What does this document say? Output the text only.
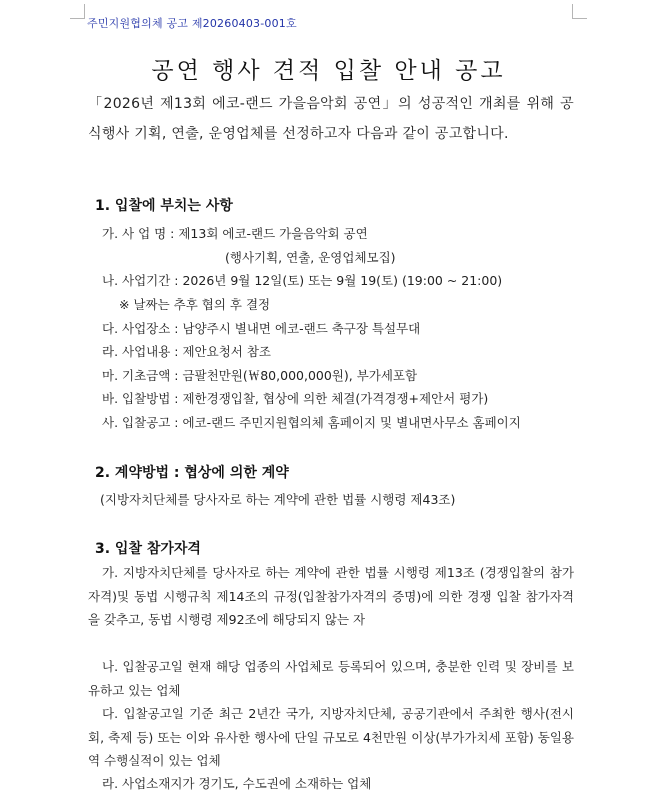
주민지원협의체 공고 제20260403-001호
공연 행사 견적 입찰 안내 공고
「2026년 제13회 에코-랜드 가을음악회 공연」의 성공적인 개최를 위해 공식행사 기획, 연출, 운영업체를 선정하고자 다음과 같이 공고합니다.
1. 입찰에 부치는 사항
가. 사 업 명 : 제13회 에코-랜드 가을음악회 공연
(행사기획, 연출, 운영업체모집)
나. 사업기간 : 2026년 9월 12일(토) 또는 9월 19(토) (19:00 ~ 21:00)
※ 날짜는 추후 협의 후 결정
다. 사업장소 : 남양주시 별내면 에코-랜드 축구장 특설무대
라. 사업내용 : 제안요청서 참조
마. 기초금액 : 금팔천만원(￦80,000,000원), 부가세포함
바. 입찰방법 : 제한경쟁입찰, 협상에 의한 체결(가격경쟁+제안서 평가)
사. 입찰공고 : 에코-랜드 주민지원협의체 홈페이지 및 별내면사무소 홈페이지
2. 계약방법 : 협상에 의한 계약
(지방자치단체를 당사자로 하는 계약에 관한 법률 시행령 제43조)
3. 입찰 참가자격
가. 지방자치단체를 당사자로 하는 계약에 관한 법률 시행령 제13조 (경쟁입찰의 참가자격)및 동법 시행규칙 제14조의 규정(입찰참가자격의 증명)에 의한 경쟁 입찰 참가자격을 갖추고, 동법 시행령 제92조에 해당되지 않는 자
나. 입찰공고일 현재 해당 업종의 사업체로 등록되어 있으며, 충분한 인력 및 장비를 보유하고 있는 업체
다. 입찰공고일 기준 최근 2년간 국가, 지방자치단체, 공공기관에서 주최한 행사(전시회, 축제 등) 또는 이와 유사한 행사에 단일 규모로 4천만원 이상(부가가치세 포함) 동일용역 수행실적이 있는 업체
라. 사업소재지가 경기도, 수도권에 소재하는 업체
